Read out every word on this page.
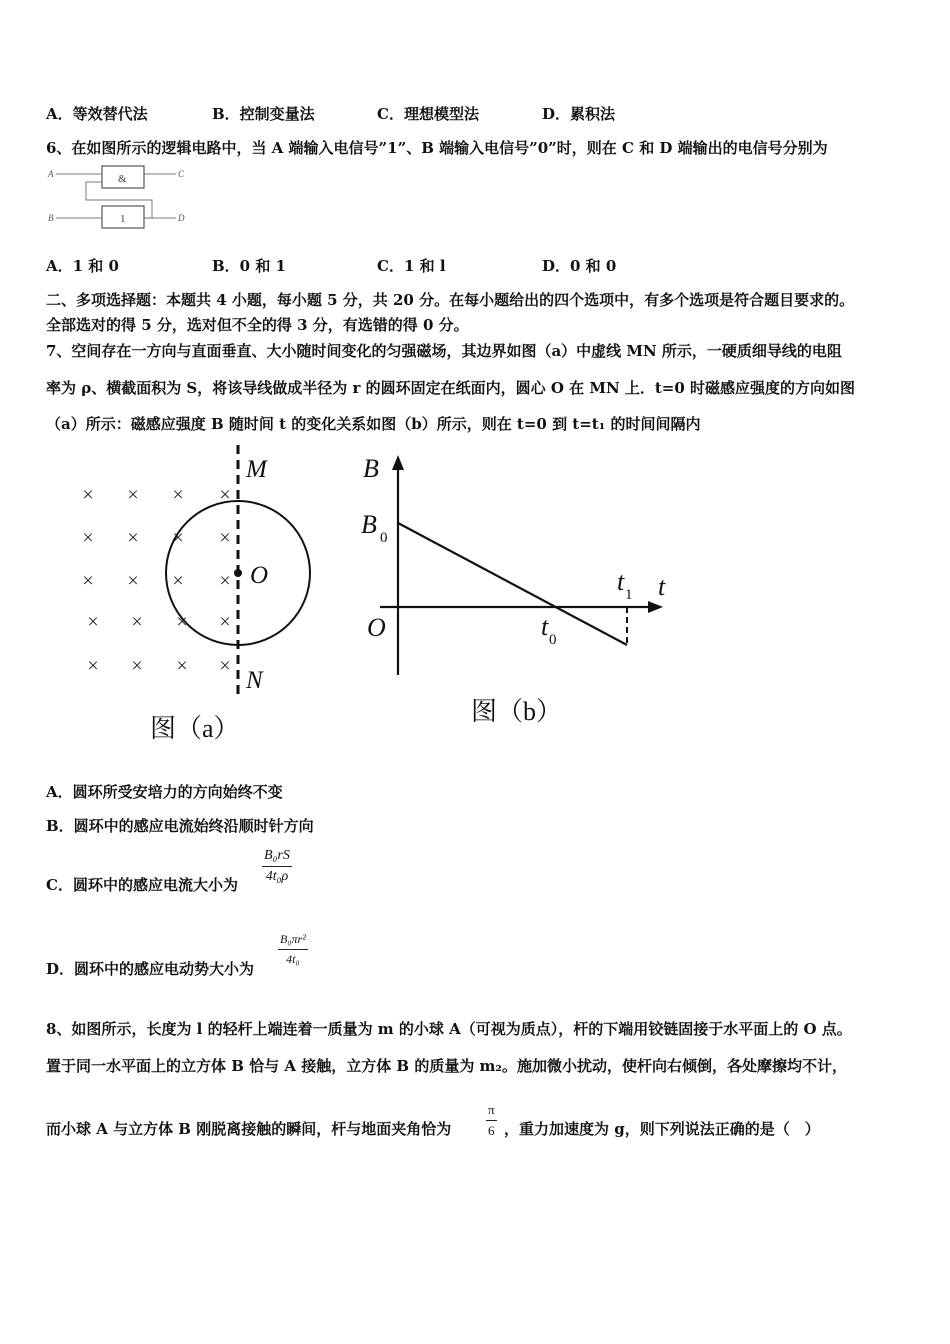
A．等效替代法	B．控制变量法	C．理想模型法	D．累积法
6、在如图所示的逻辑电路中，当 A 端输入电信号”1”、B 端输入电信号”0”时，则在 C 和 D 端输出的电信号分别为
&
1
A
B
C
D
A．1 和 0	B．0 和 1	C．1 和 l	D．0 和 0
二、多项选择题：本题共 4 小题，每小题 5 分，共 20 分。在每小题给出的四个选项中，有多个选项是符合题目要求的。
全部选对的得 5 分，选对但不全的得 3 分，有选错的得 0 分。
7、空间存在一方向与直面垂直、大小随时间变化的匀强磁场，其边界如图（a）中虚线 MN 所示，一硬质细导线的电阻
率为 ρ、横截面积为 S，将该导线做成半径为 r 的圆环固定在纸面内，圆心 O 在 MN 上．t=0 时磁感应强度的方向如图
（a）所示：磁感应强度 B 随时间 t 的变化关系如图（b）所示，则在 t=0 到 t=t₁ 的时间间隔内
× × × ×
× × × ×
× × × ×
× × × ×
× × × ×
M
O
N
图（a）
B
B 0
t
t 1
O	t 0
图（b）
A．圆环所受安培力的方向始终不变
B．圆环中的感应电流始终沿顺时针方向
C．圆环中的感应电流大小为
B₀rS
4t₀ρ
D．圆环中的感应电动势大小为
B₀πr²
4t₀
8、如图所示，长度为 l 的轻杆上端连着一质量为 m 的小球 A（可视为质点），杆的下端用铰链固接于水平面上的 O 点。
置于同一水平面上的立方体 B 恰与 A 接触，立方体 B 的质量为 m₂。施加微小扰动，使杆向右倾倒，各处摩擦均不计，
而小球 A 与立方体 B 刚脱离接触的瞬间，杆与地面夹角恰为
π
6 ，重力加速度为 g，则下列说法正确的是（　）
